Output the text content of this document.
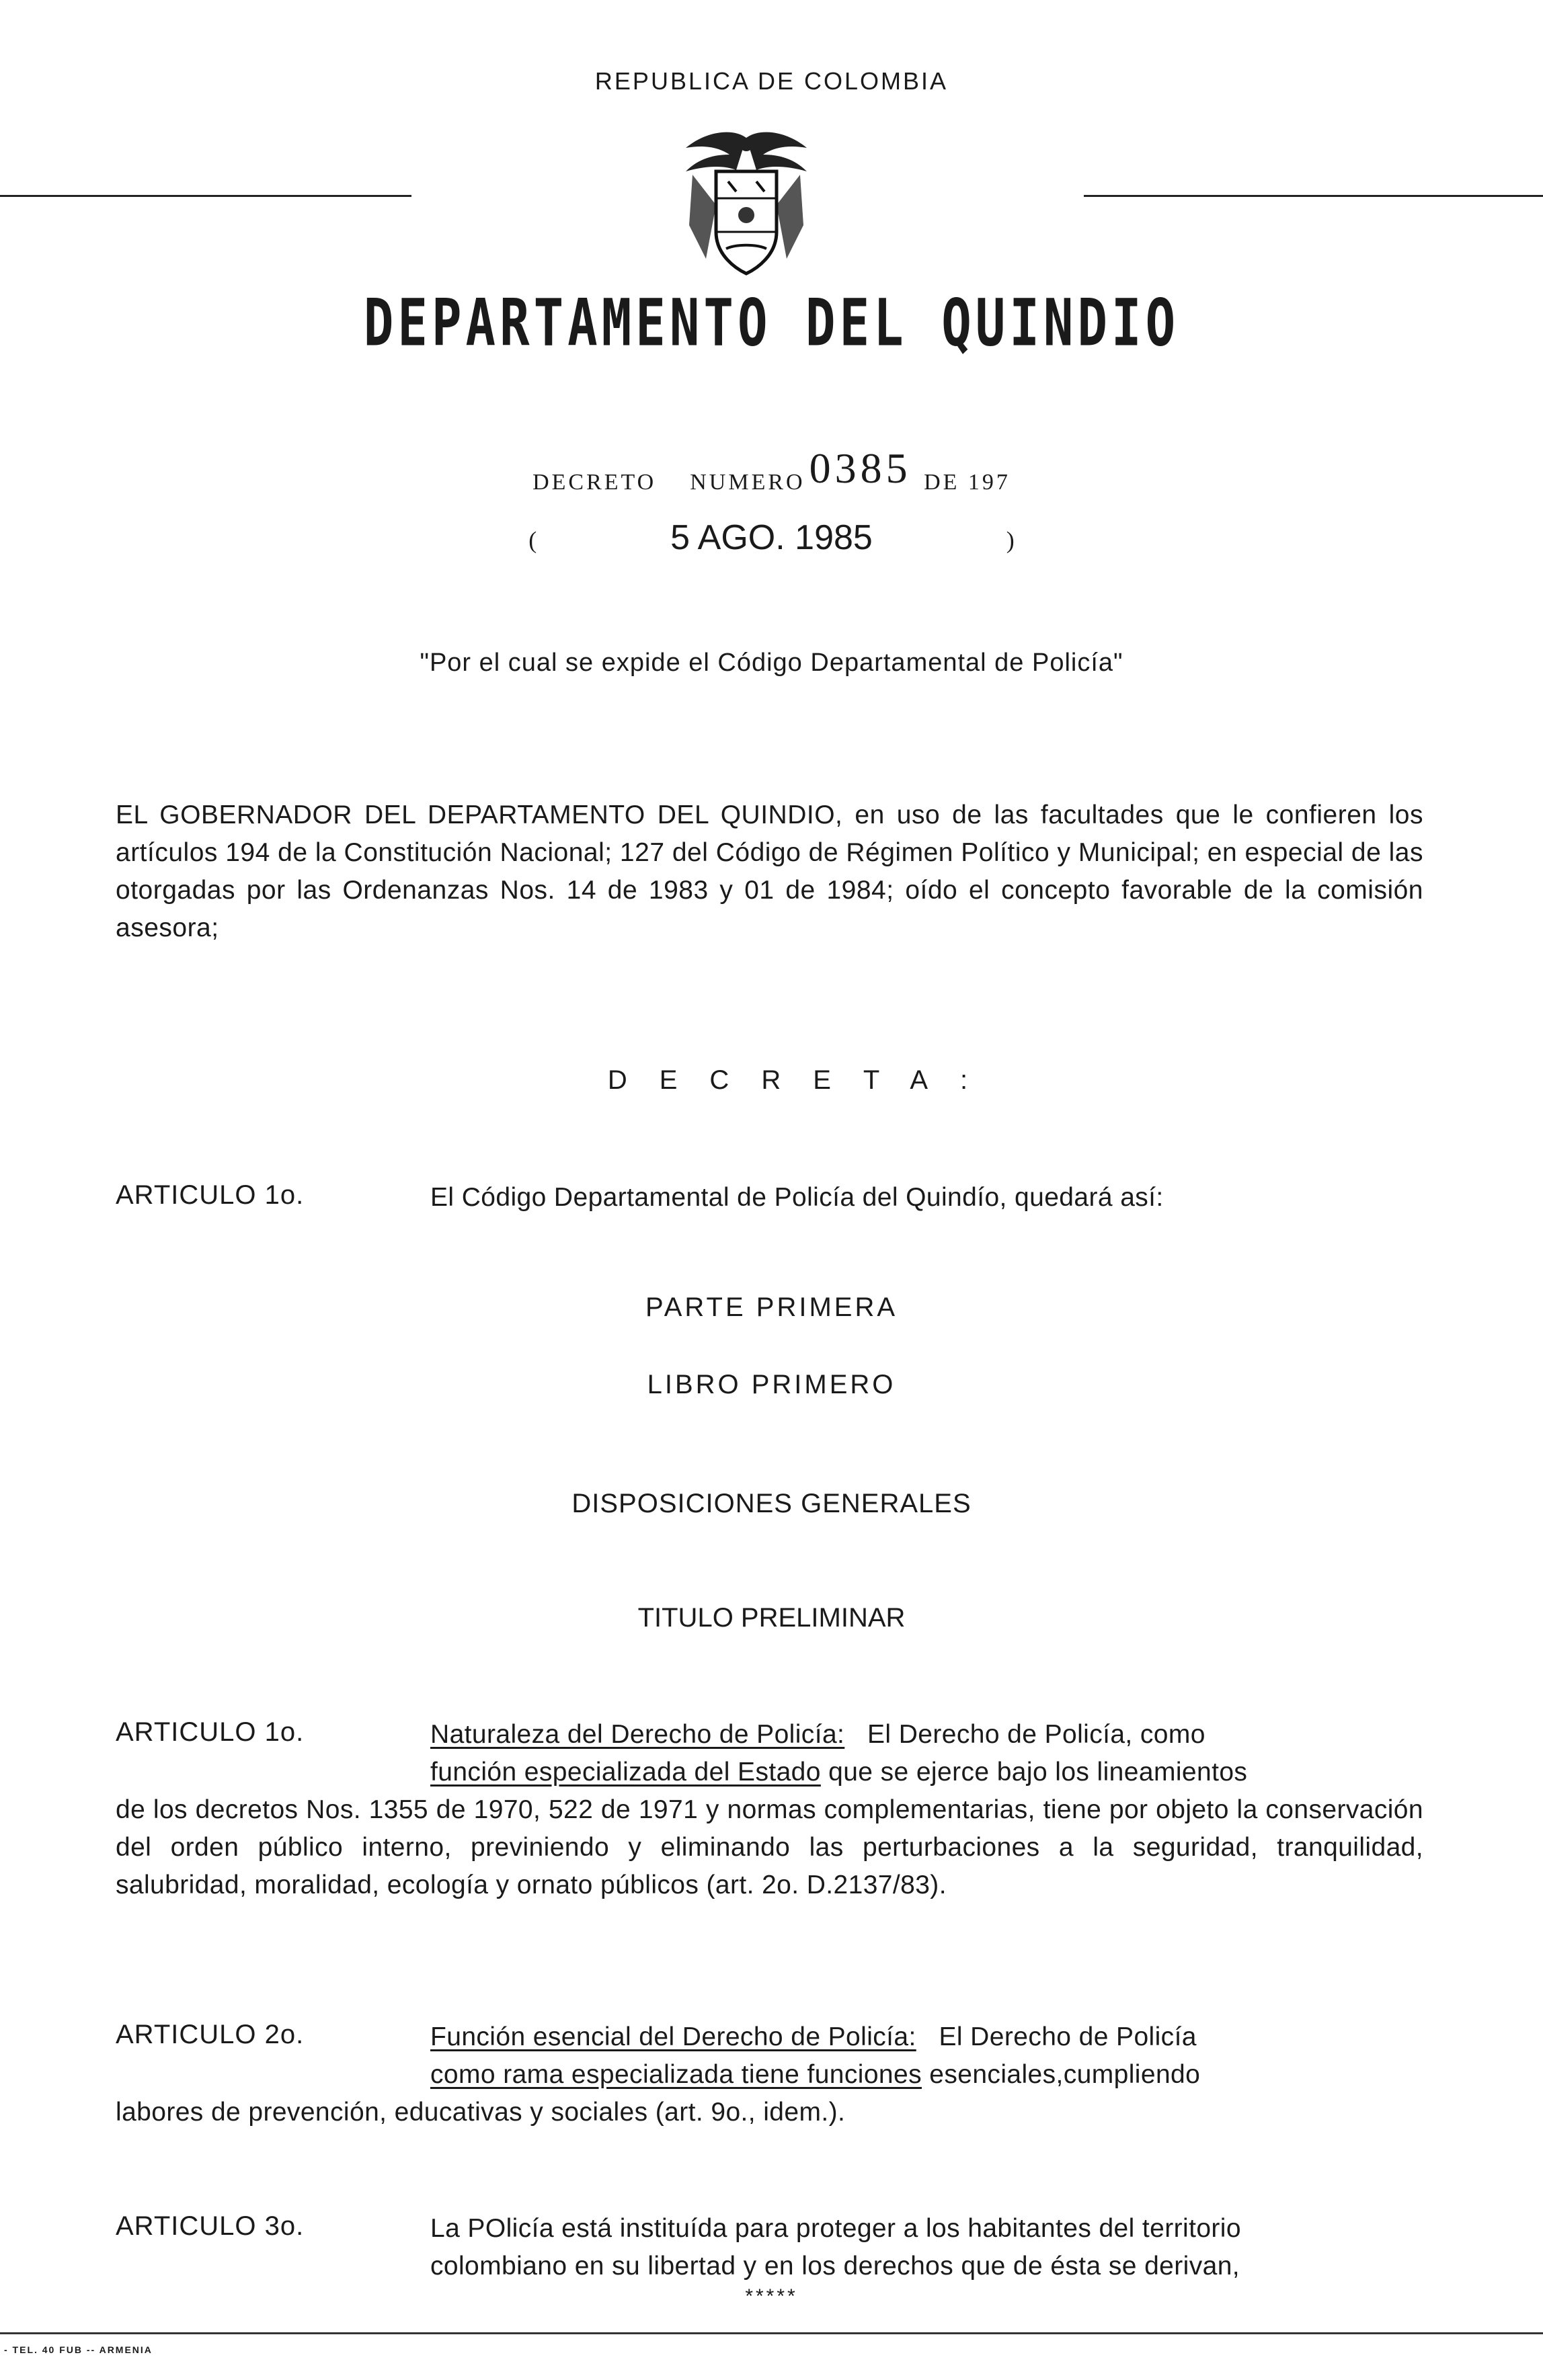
REPUBLICA DE COLOMBIA
DEPARTAMENTO DEL QUINDIO
DECRETO NUMERO0385 DE 197
(	5 AGO. 1985	)
"Por el cual se expide el Código Departamental de Policía"
EL GOBERNADOR DEL DEPARTAMENTO DEL QUINDIO, en uso de las facultades que le confieren los artículos 194 de la Constitución Nacional; 127 del Código de Régimen Político y Municipal; en especial de las otorgadas por las Ordenanzas Nos. 14 de 1983 y 01 de 1984; oído el concepto favorable de la comisión asesora;
DECRETA:
ARTICULO 1o.	El Código Departamental de Policía del Quindío, quedará así:
PARTE PRIMERA
LIBRO PRIMERO
DISPOSICIONES GENERALES
TITULO PRELIMINAR
ARTICULO 1o.	Naturaleza del Derecho de Policía: El Derecho de Policía, como
función especializada del Estado que se ejerce bajo los lineamientos
de los decretos Nos. 1355 de 1970, 522 de 1971 y normas complementarias, tiene por objeto la conservación del orden público interno, previniendo y eliminando las perturbaciones a la seguridad, tranquilidad, salubridad, moralidad, ecología y ornato públicos (art. 2o. D.2137/83).
ARTICULO 2o.	Función esencial del Derecho de Policía: El Derecho de Policía
como rama especializada tiene funciones esenciales,cumpliendo
labores de prevención, educativas y sociales (art. 9o., idem.).
ARTICULO 3o.	La POlicía está instituída para proteger a los habitantes del territorio
colombiano en su libertad y en los derechos que de ésta se derivan,
*****
- TEL. 40 FUB -- ARMENIA
